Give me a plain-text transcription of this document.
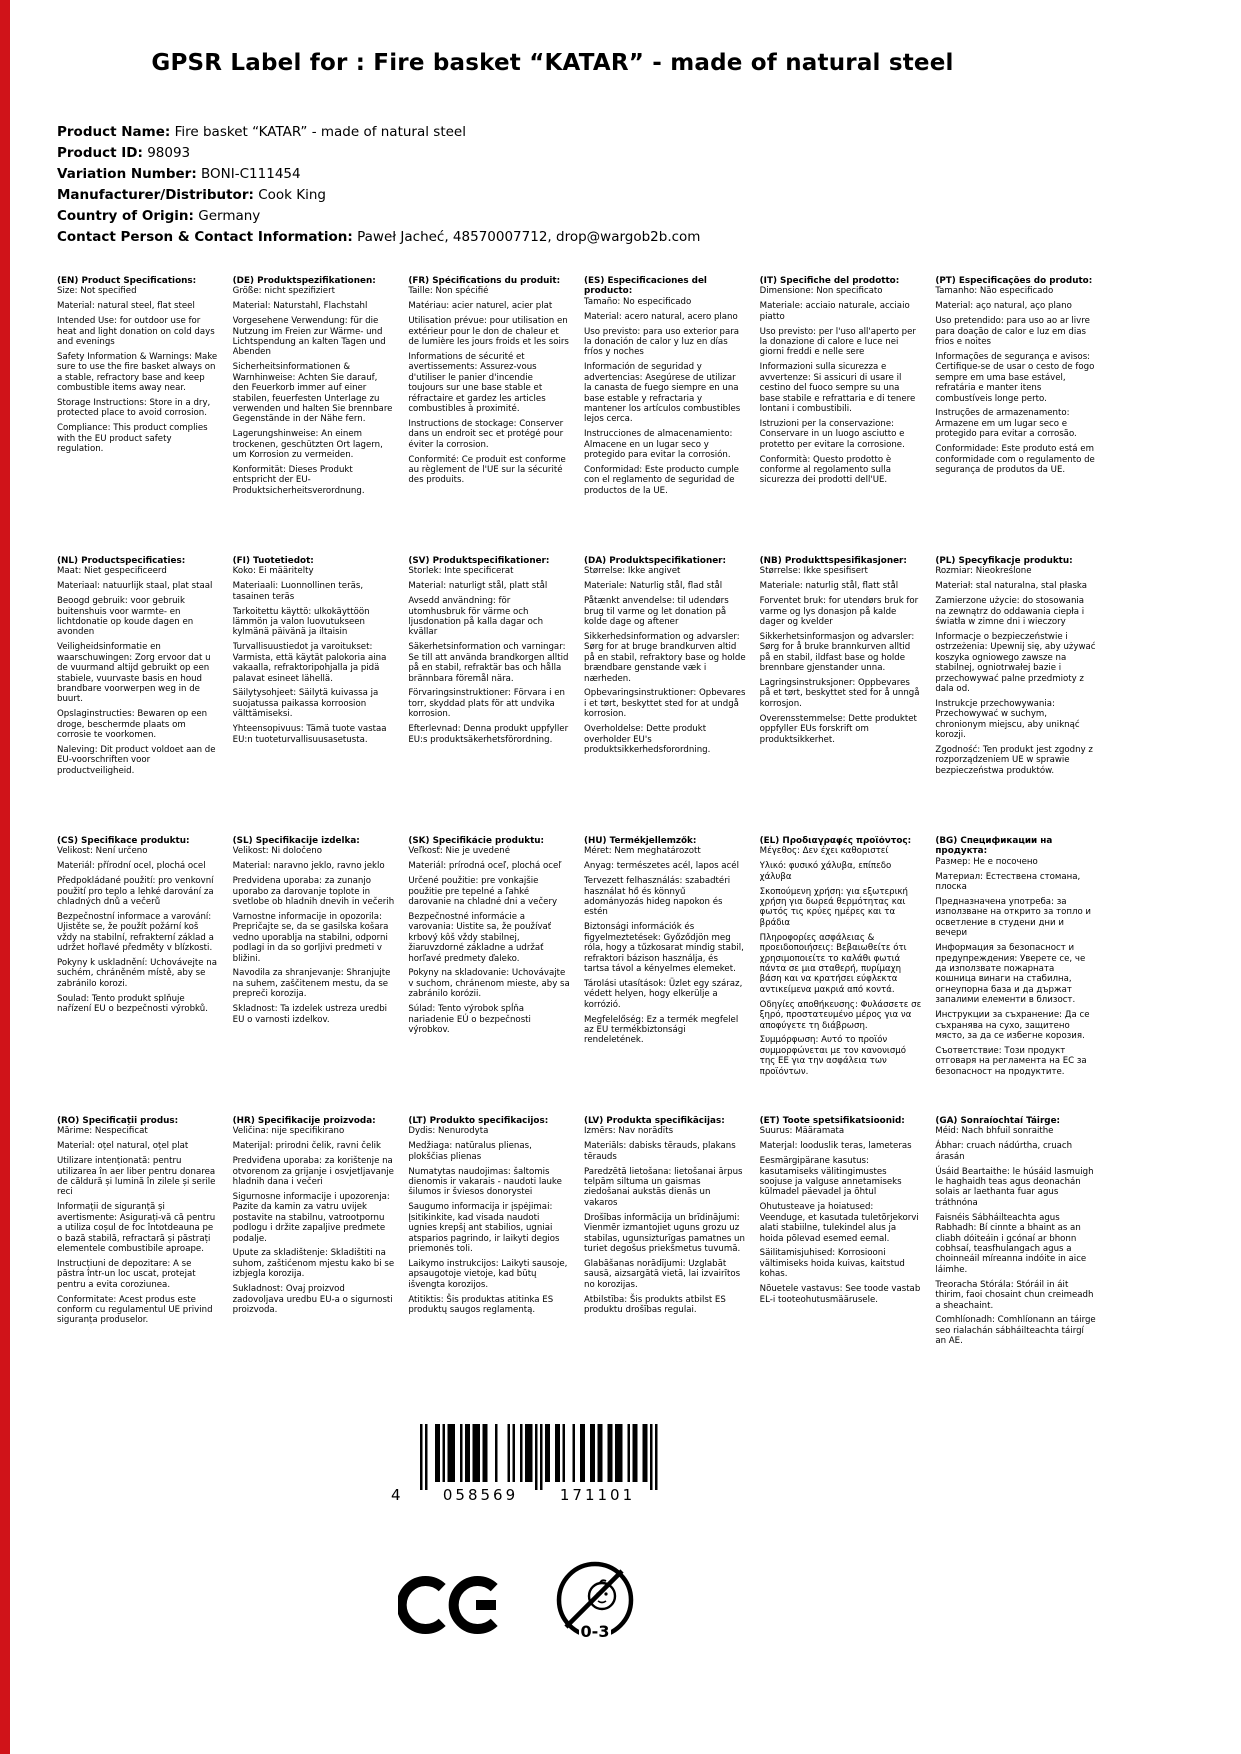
GPSR Label for : Fire basket “KATAR” - made of natural steel
Product Name: Fire basket “KATAR” - made of natural steel
Product ID: 98093
Variation Number: BONI-C111454
Manufacturer/Distributor: Cook King
Country of Origin: Germany
Contact Person & Contact Information: Paweł Jacheć, 48570007712, drop@wargob2b.com
(EN) Product Specifications:

Size: Not specified

Material: natural steel, flat steel

Intended Use: for outdoor use for heat and light donation on cold days and evenings

Safety Information & Warnings: Make sure to use the fire basket always on a stable, refractory base and keep combustible items away near.

Storage Instructions: Store in a dry, protected place to avoid corrosion.

Compliance: This product complies with the EU product safety regulation.

(DE) Produktspezifikationen:

Größe: nicht spezifiziert

Material: Naturstahl, Flachstahl

Vorgesehene Verwendung: für die Nutzung im Freien zur Wärme- und Lichtspendung an kalten Tagen und Abenden

Sicherheitsinformationen & Warnhinweise: Achten Sie darauf, den Feuerkorb immer auf einer stabilen, feuerfesten Unterlage zu verwenden und halten Sie brennbare Gegenstände in der Nähe fern.

Lagerungshinweise: An einem trockenen, geschützten Ort lagern, um Korrosion zu vermeiden.

Konformität: Dieses Produkt entspricht der EU-Produktsicherheitsverordnung.

(FR) Spécifications du produit:

Taille: Non spécifié

Matériau: acier naturel, acier plat

Utilisation prévue: pour utilisation en extérieur pour le don de chaleur et de lumière les jours froids et les soirs

Informations de sécurité et avertissements: Assurez-vous d'utiliser le panier d'incendie toujours sur une base stable et réfractaire et gardez les articles combustibles à proximité.

Instructions de stockage: Conserver dans un endroit sec et protégé pour éviter la corrosion.

Conformité: Ce produit est conforme au règlement de l'UE sur la sécurité des produits.

(ES) Especificaciones del producto:

Tamaño: No especificado

Material: acero natural, acero plano

Uso previsto: para uso exterior para la donación de calor y luz en días fríos y noches

Información de seguridad y advertencias: Asegúrese de utilizar la canasta de fuego siempre en una base estable y refractaria y mantener los artículos combustibles lejos cerca.

Instrucciones de almacenamiento: Almacene en un lugar seco y protegido para evitar la corrosión.

Conformidad: Este producto cumple con el reglamento de seguridad de productos de la UE.

(IT) Specifiche del prodotto:

Dimensione: Non specificato

Materiale: acciaio naturale, acciaio piatto

Uso previsto: per l'uso all'aperto per la donazione di calore e luce nei giorni freddi e nelle sere

Informazioni sulla sicurezza e avvertenze: Si assicuri di usare il cestino del fuoco sempre su una base stabile e refrattaria e di tenere lontani i combustibili.

Istruzioni per la conservazione: Conservare in un luogo asciutto e protetto per evitare la corrosione.

Conformità: Questo prodotto è conforme al regolamento sulla sicurezza dei prodotti dell'UE.

(PT) Especificações do produto:

Tamanho: Não especificado

Material: aço natural, aço plano

Uso pretendido: para uso ao ar livre para doação de calor e luz em dias frios e noites

Informações de segurança e avisos: Certifique-se de usar o cesto de fogo sempre em uma base estável, refratária e manter itens combustíveis longe perto.

Instruções de armazenamento: Armazene em um lugar seco e protegido para evitar a corrosão.

Conformidade: Este produto está em conformidade com o regulamento de segurança de produtos da UE.

(NL) Productspecificaties:

Maat: Niet gespecificeerd

Materiaal: natuurlijk staal, plat staal

Beoogd gebruik: voor gebruik buitenshuis voor warmte- en lichtdonatie op koude dagen en avonden

Veiligheidsinformatie en waarschuwingen: Zorg ervoor dat u de vuurmand altijd gebruikt op een stabiele, vuurvaste basis en houd brandbare voorwerpen weg in de buurt.

Opslaginstructies: Bewaren op een droge, beschermde plaats om corrosie te voorkomen.

Naleving: Dit product voldoet aan de EU-voorschriften voor productveiligheid.

(FI) Tuotetiedot:

Koko: Ei määritelty

Materiaali: Luonnollinen teräs, tasainen teräs

Tarkoitettu käyttö: ulkokäyttöön lämmön ja valon luovutukseen kylmänä päivänä ja iltaisin

Turvallisuustiedot ja varoitukset: Varmista, että käytät palokoria aina vakaalla, refraktoripohjalla ja pidä palavat esineet lähellä.

Säilytysohjeet: Säilytä kuivassa ja suojatussa paikassa korroosion välttämiseksi.

Yhteensopivuus: Tämä tuote vastaa EU:n tuoteturvallisuusasetusta.

(SV) Produktspecifikationer:

Storlek: Inte specificerat

Material: naturligt stål, platt stål

Avsedd användning: för utomhusbruk för värme och ljusdonation på kalla dagar och kvällar

Säkerhetsinformation och varningar: Se till att använda brandkorgen alltid på en stabil, refraktär bas och hålla brännbara föremål nära.

Förvaringsinstruktioner: Förvara i en torr, skyddad plats för att undvika korrosion.

Efterlevnad: Denna produkt uppfyller EU:s produktsäkerhetsförordning.

(DA) Produktspecifikationer:

Størrelse: Ikke angivet

Materiale: Naturlig stål, flad stål

Påtænkt anvendelse: til udendørs brug til varme og let donation på kolde dage og aftener

Sikkerhedsinformation og advarsler: Sørg for at bruge brandkurven altid på en stabil, refraktory base og holde brændbare genstande væk i nærheden.

Opbevaringsinstruktioner: Opbevares i et tørt, beskyttet sted for at undgå korrosion.

Overholdelse: Dette produkt overholder EU's produktsikkerhedsforordning.

(NB) Produkttspesifikasjoner:

Størrelse: Ikke spesifisert

Materiale: naturlig stål, flatt stål

Forventet bruk: for utendørs bruk for varme og lys donasjon på kalde dager og kvelder

Sikkerhetsinformasjon og advarsler: Sørg for å bruke brannkurven alltid på en stabil, ildfast base og holde brennbare gjenstander unna.

Lagringsinstruksjoner: Oppbevares på et tørt, beskyttet sted for å unngå korrosjon.

Overensstemmelse: Dette produktet oppfyller EUs forskrift om produktsikkerhet.

(PL) Specyfikacje produktu:

Rozmiar: Nieokreślone

Materiał: stal naturalna, stal płaska

Zamierzone użycie: do stosowania na zewnątrz do oddawania ciepła i światła w zimne dni i wieczory

Informacje o bezpieczeństwie i ostrzeżenia: Upewnij się, aby używać koszyka ogniowego zawsze na stabilnej, ogniotrwałej bazie i przechowywać palne przedmioty z dala od.

Instrukcje przechowywania: Przechowywać w suchym, chronionym miejscu, aby uniknąć korozji.

Zgodność: Ten produkt jest zgodny z rozporządzeniem UE w sprawie bezpieczeństwa produktów.

(CS) Specifikace produktu:

Velikost: Není určeno

Materiál: přírodní ocel, plochá ocel

Předpokládané použití: pro venkovní použití pro teplo a lehké darování za chladných dnů a večerů

Bezpečnostní informace a varování: Ujistěte se, že použít požární koš vždy na stabilní, refrakterní základ a udržet hořlavé předměty v blízkosti.

Pokyny k uskladnění: Uchovávejte na suchém, chráněném místě, aby se zabránilo korozi.

Soulad: Tento produkt splňuje nařízení EU o bezpečnosti výrobků.

(SL) Specifikacije izdelka:

Velikost: Ni določeno

Material: naravno jeklo, ravno jeklo

Predvidena uporaba: za zunanjo uporabo za darovanje toplote in svetlobe ob hladnih dnevih in večerih

Varnostne informacije in opozorila: Prepričajte se, da se gasilska košara vedno uporablja na stabilni, odporni podlagi in da so gorljivi predmeti v bližini.

Navodila za shranjevanje: Shranjujte na suhem, zaščitenem mestu, da se prepreči korozija.

Skladnost: Ta izdelek ustreza uredbi EU o varnosti izdelkov.

(SK) Špecifikácie produktu:

Veľkosť: Nie je uvedené

Materiál: prírodná oceľ, plochá oceľ

Určené použitie: pre vonkajšie použitie pre tepelné a ľahké darovanie na chladné dni a večery

Bezpečnostné informácie a varovania: Uistite sa, že používať krbový kôš vždy stabilnej, žiaruvzdorné základne a udržať horľavé predmety ďaleko.

Pokyny na skladovanie: Uchovávajte v suchom, chránenom mieste, aby sa zabránilo korózii.

Súlad: Tento výrobok spĺňa nariadenie EÚ o bezpečnosti výrobkov.

(HU) Termékjellemzők:

Méret: Nem meghatározott

Anyag: természetes acél, lapos acél

Tervezett felhasználás: szabadtéri használat hő és könnyű adományozás hideg napokon és estén

Biztonsági információk és figyelmeztetések: Győződjön meg róla, hogy a tűzkosarat mindig stabil, refraktori bázison használja, és tartsa távol a kényelmes elemeket.

Tárolási utasítások: Üzlet egy száraz, védett helyen, hogy elkerülje a korrózió.

Megfelelőség: Ez a termék megfelel az EU termékbiztonsági rendeletének.

(EL) Προδιαγραφές προϊόντος:

Μέγεθος: Δεν έχει καθοριστεί

Υλικό: φυσικό χάλυβα, επίπεδο χάλυβα

Σκοπούμενη χρήση: για εξωτερική χρήση για δωρεά θερμότητας και φωτός τις κρύες ημέρες και τα βράδια

Πληροφορίες ασφάλειας & προειδοποιήσεις: Βεβαιωθείτε ότι χρησιμοποιείτε το καλάθι φωτιά πάντα σε μια σταθερή, πυρίμαχη βάση και να κρατήσει εύφλεκτα αντικείμενα μακριά από κοντά.

Οδηγίες αποθήκευσης: Φυλάσσετε σε ξηρό, προστατευμένο μέρος για να αποφύγετε τη διάβρωση.

Συμμόρφωση: Αυτό το προϊόν συμμορφώνεται με τον κανονισμό της ΕΕ για την ασφάλεια των προϊόντων.

(BG) Спецификации на продукта:

Размер: Не е посочено

Материал: Естествена стомана, плоска

Предназначена употреба: за използване на открито за топло и осветление в студени дни и вечери

Информация за безопасност и предупреждения: Уверете се, че да използвате пожарната кошница винаги на стабилна, огнеупорна база и да държат запалими елементи в близост.

Инструкции за съхранение: Да се съхранява на сухо, защитено място, за да се избегне корозия.

Съответствие: Този продукт отговаря на регламента на ЕС за безопасност на продуктите.

(RO) Specificații produs:

Mărime: Nespecificat

Material: oțel natural, oțel plat

Utilizare intenționată: pentru utilizarea în aer liber pentru donarea de căldură și lumină în zilele și serile reci

Informații de siguranță și avertismente: Asigurați-vă că pentru a utiliza coșul de foc întotdeauna pe o bază stabilă, refractară și păstrați elementele combustibile aproape.

Instrucțiuni de depozitare: A se păstra într-un loc uscat, protejat pentru a evita coroziunea.

Conformitate: Acest produs este conform cu regulamentul UE privind siguranța produselor.

(HR) Specifikacije proizvoda:

Veličina: nije specifikirano

Materijal: prirodni čelik, ravni čelik

Predviđena uporaba: za korištenje na otvorenom za grijanje i osvjetljavanje hladnih dana i večeri

Sigurnosne informacije i upozorenja: Pazite da kamin za vatru uvijek postavite na stabilnu, vatrootpornu podlogu i držite zapaljive predmete podalje.

Upute za skladištenje: Skladištiti na suhom, zaštićenom mjestu kako bi se izbjegla korozija.

Sukladnost: Ovaj proizvod zadovoljava uredbu EU-a o sigurnosti proizvoda.

(LT) Produkto specifikacijos:

Dydis: Nenurodyta

Medžiaga: natūralus plienas, plokščias plienas

Numatytas naudojimas: šaltomis dienomis ir vakarais - naudoti lauke šilumos ir šviesos donorystei

Saugumo informacija ir įspėjimai: Įsitikinkite, kad visada naudoti ugnies krepšį ant stabilios, ugniai atsparios pagrindo, ir laikyti degios priemonės toli.

Laikymo instrukcijos: Laikyti sausoje, apsaugotoje vietoje, kad būtų išvengta korozijos.

Atitiktis: Šis produktas atitinka ES produktų saugos reglamentą.

(LV) Produkta specifikācijas:

Izmērs: Nav norādīts

Materiāls: dabisks tērauds, plakans tērauds

Paredzētā lietošana: lietošanai ārpus telpām siltuma un gaismas ziedošanai aukstās dienās un vakaros

Drošības informācija un brīdinājumi: Vienmēr izmantojiet uguns grozu uz stabilas, ugunsizturīgas pamatnes un turiet degošus priekšmetus tuvumā.

Glabāšanas norādījumi: Uzglabāt sausā, aizsargātā vietā, lai izvairītos no korozijas.

Atbilstība: Šis produkts atbilst ES produktu drošības regulai.

(ET) Toote spetsifikatsioonid:

Suurus: Määramata

Materjal: looduslik teras, lameteras

Eesmärgipärane kasutus: kasutamiseks välitingimustes soojuse ja valguse annetamiseks külmadel päevadel ja õhtul

Ohutusteave ja hoiatused: Veenduge, et kasutada tuletõrjekorvi alati stabiilne, tulekindel alus ja hoida põlevad esemed eemal.

Säilitamisjuhised: Korrosiooni vältimiseks hoida kuivas, kaitstud kohas.

Nõuetele vastavus: See toode vastab EL-i tooteohutusmäärusele.

(GA) Sonraíochtaí Táirge:

Méid: Nach bhfuil sonraithe

Ábhar: cruach nádúrtha, cruach árasán

Úsáid Beartaithe: le húsáid lasmuigh le haghaidh teas agus deonachán solais ar laethanta fuar agus tráthnóna

Faisnéis Sábháilteachta agus Rabhadh: Bí cinnte a bhaint as an cliabh dóiteáin i gcónaí ar bhonn cobhsaí, teasfhulangach agus a choinneáil míreanna indóite in aice láimhe.

Treoracha Stórála: Stóráil in áit thirim, faoi chosaint chun creimeadh a sheachaint.

Comhlíonadh: Comhlíonann an táirge seo rialachán sábháilteachta táirgí an AE.

4	058569	171101
0-3
